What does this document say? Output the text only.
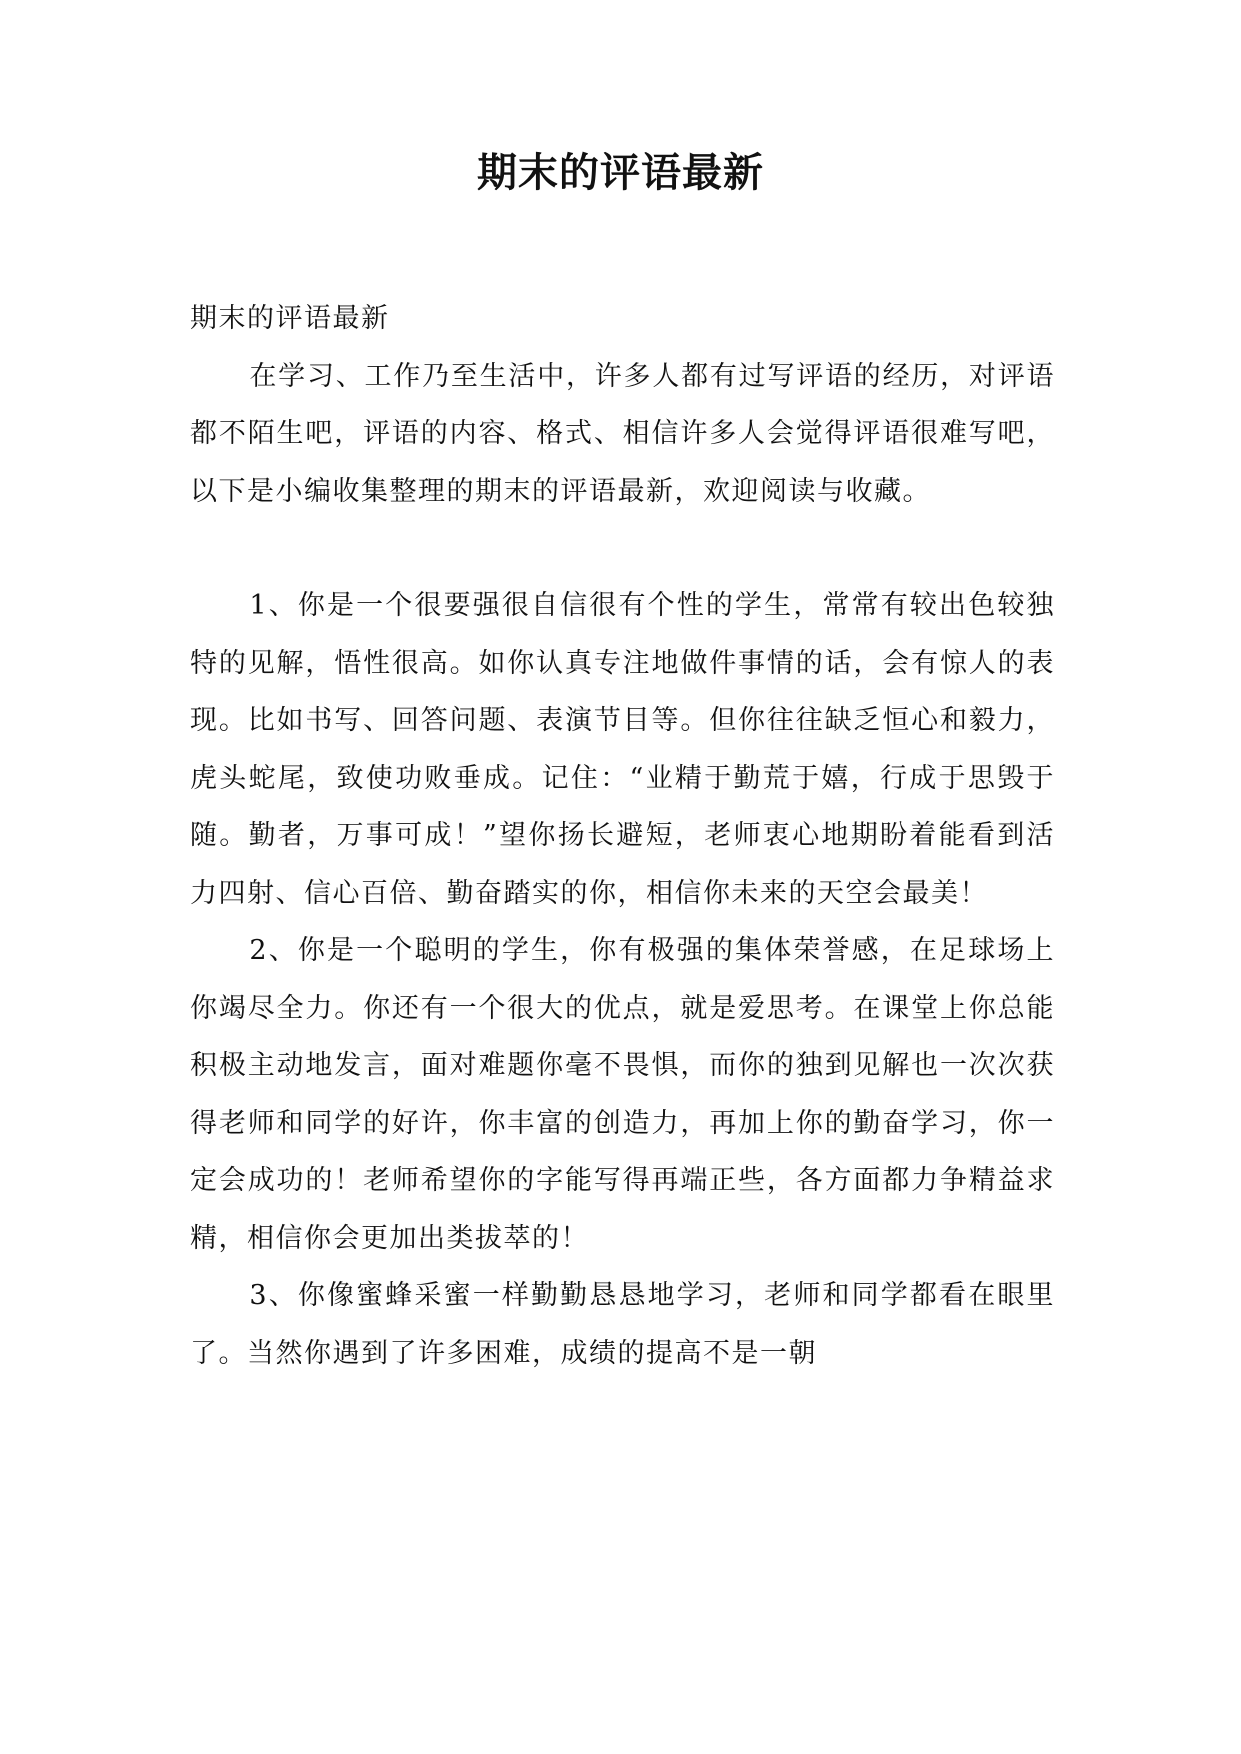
期末的评语最新

期末的评语最新

在学习、工作乃至生活中，许多人都有过写评语的经历，对评语都不陌生吧，评语的内容、格式、相信许多人会觉得评语很难写吧，以下是小编收集整理的期末的评语最新，欢迎阅读与收藏。

1、你是一个很要强很自信很有个性的学生，常常有较出色较独特的见解，悟性很高。如你认真专注地做件事情的话，会有惊人的表现。比如书写、回答问题、表演节目等。但你往往缺乏恒心和毅力，虎头蛇尾，致使功败垂成。记住：“业精于勤荒于嬉，行成于思毁于随。勤者，万事可成！”望你扬长避短，老师衷心地期盼着能看到活力四射、信心百倍、勤奋踏实的你，相信你未来的天空会最美！

2、你是一个聪明的学生，你有极强的集体荣誉感，在足球场上你竭尽全力。你还有一个很大的优点，就是爱思考。在课堂上你总能积极主动地发言，面对难题你毫不畏惧，而你的独到见解也一次次获得老师和同学的好许，你丰富的创造力，再加上你的勤奋学习，你一定会成功的！老师希望你的字能写得再端正些，各方面都力争精益求精，相信你会更加出类拔萃的！

3、你像蜜蜂采蜜一样勤勤恳恳地学习，老师和同学都看在眼里了。当然你遇到了许多困难，成绩的提高不是一朝
